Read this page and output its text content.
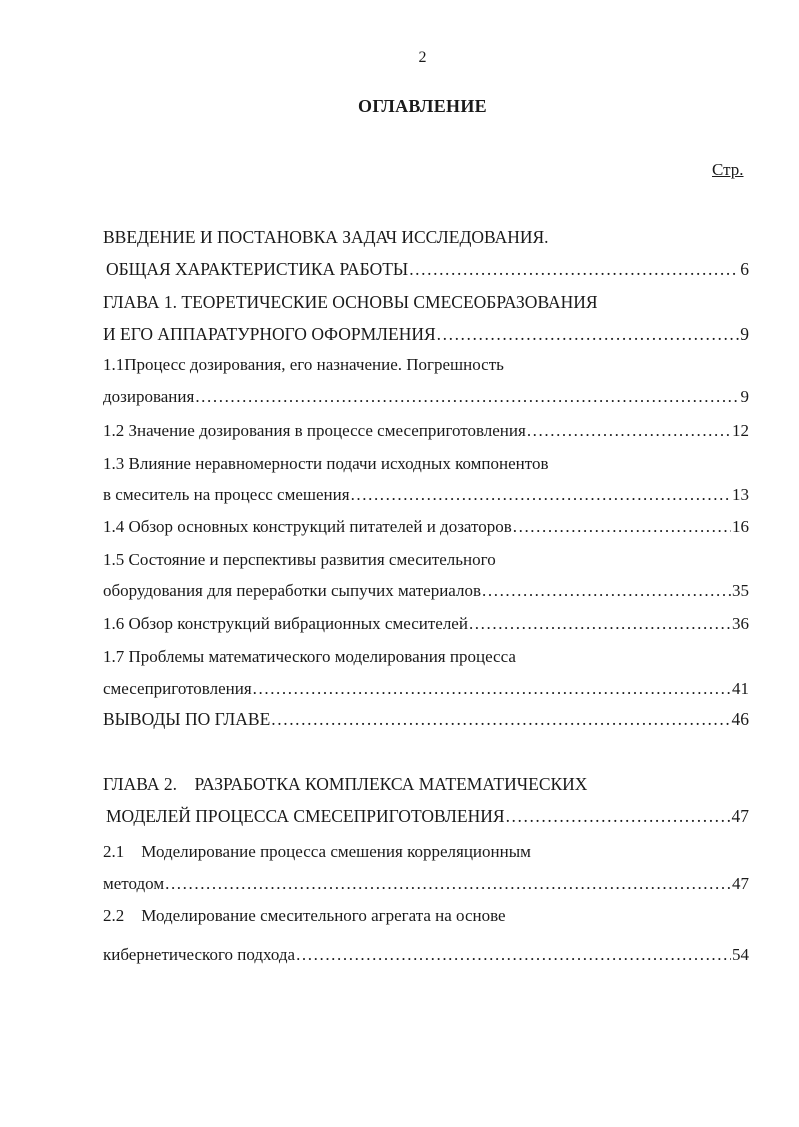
2
ОГЛАВЛЕНИЕ
Стр.
ВВЕДЕНИЕ И ПОСТАНОВКА ЗАДАЧ ИССЛЕДОВАНИЯ.
ОБЩАЯ ХАРАКТЕРИСТИКА РАБОТЫ .....	6
ГЛАВА 1. ТЕОРЕТИЧЕСКИЕ ОСНОВЫ СМЕСЕОБРАЗОВАНИЯ
И ЕГО АППАРАТУРНОГО ОФОРМЛЕНИЯ .....	9
1.1Процесс дозирования, его назначение. Погрешность
дозирования .....	9
1.2 Значение дозирования в процессе смесеприготовления .....	12
1.3 Влияние неравномерности подачи исходных компонентов
в смеситель на процесс смешения .....	13
1.4 Обзор основных конструкций питателей и дозаторов .....	16
1.5 Состояние и перспективы развития смесительного
оборудования для переработки сыпучих материалов .....	35
1.6 Обзор конструкций вибрационных смесителей .....	36
1.7 Проблемы математического моделирования процесса
смесеприготовления .....	41
ВЫВОДЫ ПО ГЛАВЕ .....	46
ГЛАВА 2.    РАЗРАБОТКА КОМПЛЕКСА МАТЕМАТИЧЕСКИХ
МОДЕЛЕЙ ПРОЦЕССА СМЕСЕПРИГОТОВЛЕНИЯ .....	47
2.1    Моделирование процесса смешения корреляционным
методом .....	47
2.2    Моделирование смесительного агрегата на основе
кибернетического подхода .....	54
